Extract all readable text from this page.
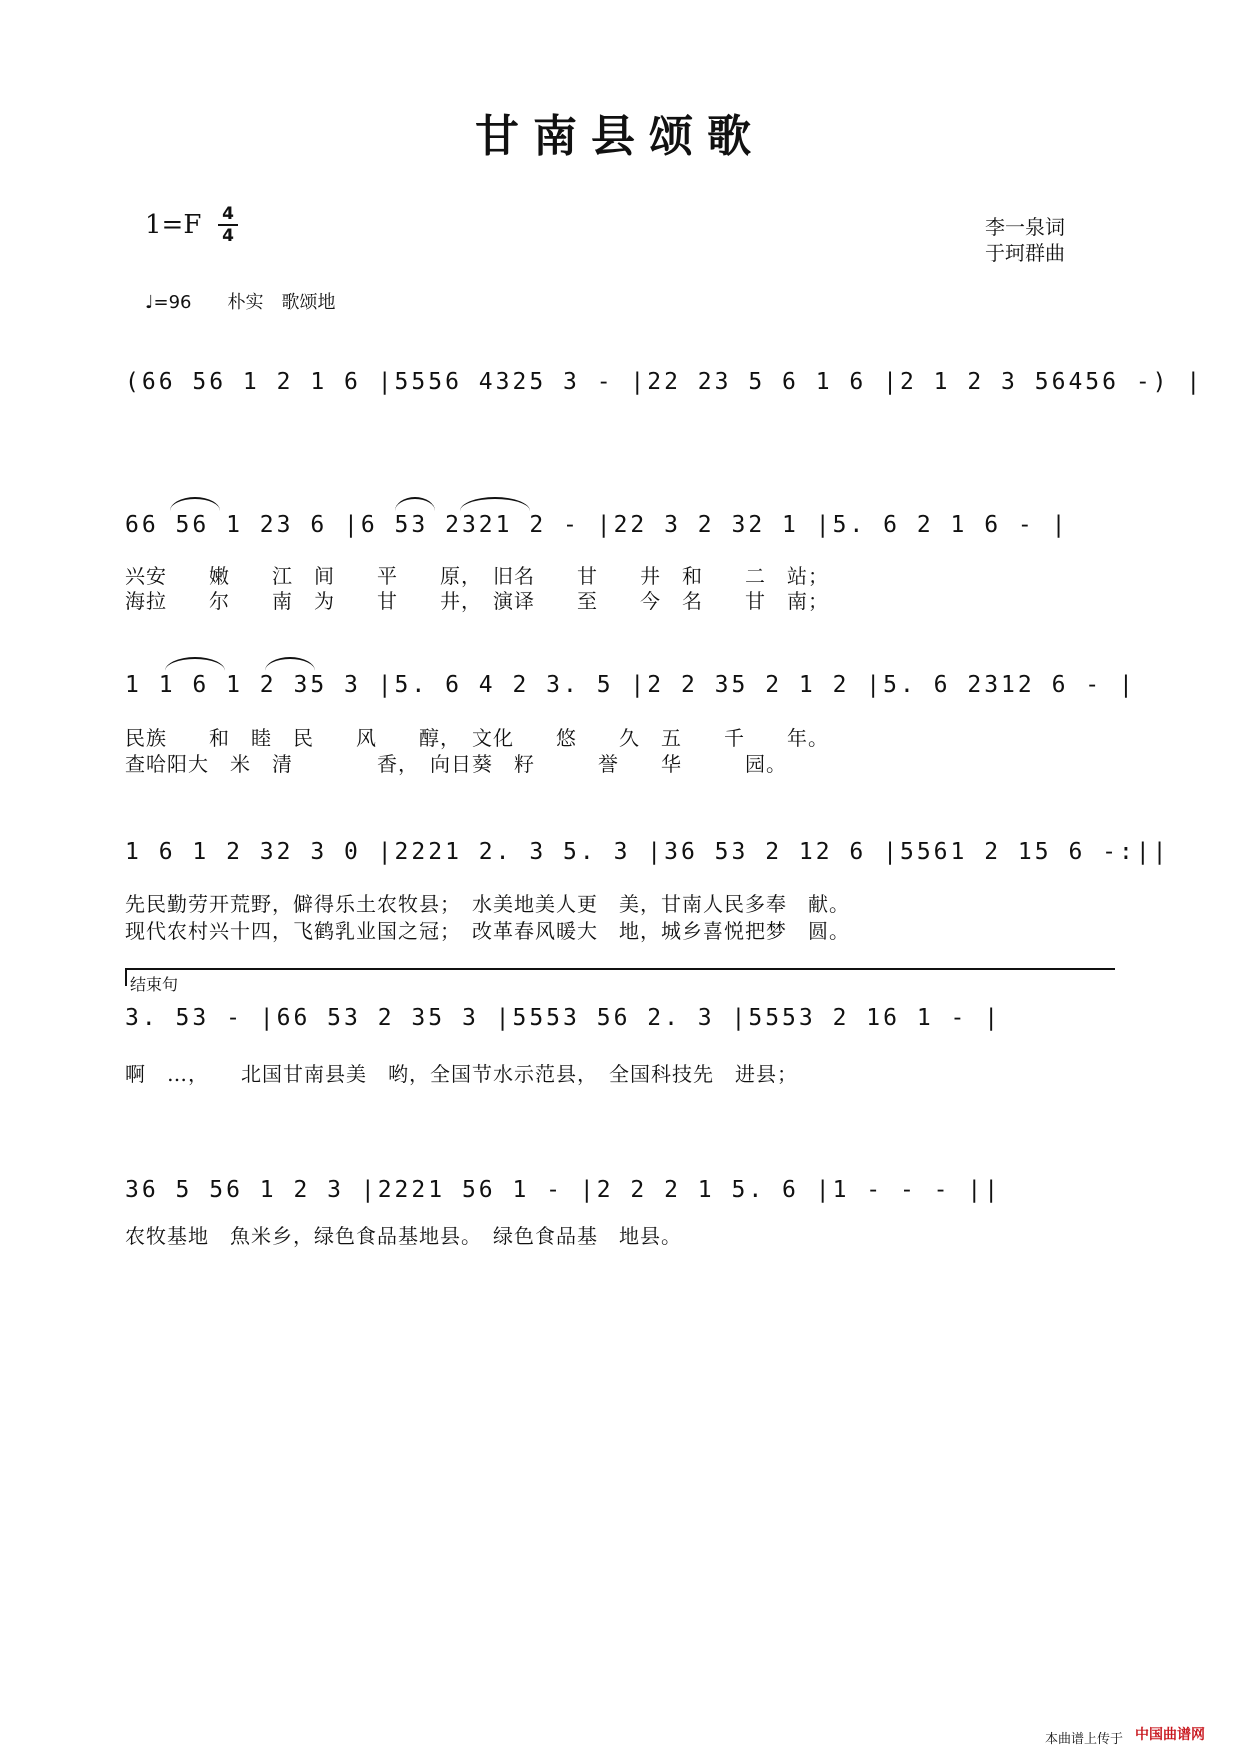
甘南县颂歌
1=F 4
4	李一泉词
于珂群曲
♩=96　　朴实　歌颂地
(66 56 1 2 1 6 |5556 4325 3 - |22 23 5 6 1 6 |2 1 2 3 56456 -) |
66 56 1 23 6 |6 53 2321 2 - |22 3 2 32 1 |5. 6 2 1 6 - |
兴安　　嫩　　江　间　　平　　原，　旧名　　甘　　井　和　　二　站；
海拉　　尔　　南　为　　甘　　井，　演译　　至　　今　名　　甘　南；
1 1 6 1 2 35 3 |5. 6 4 2 3. 5 |2 2 35 2 1 2 |5. 6 2312 6 - |
民族　　和　睦　民　　风　　醇，　文化　　悠　　久　五　　千　　年。
查哈阳大　米　清　　　　香，　向日葵　籽　　　誉　　华　　　园。
1 6 1 2 32 3 0 |2221 2. 3 5. 3 |36 53 2 12 6 |5561 2 15 6 -:||
先民勤劳开荒野，僻得乐土农牧县；　水美地美人更　美，甘南人民多奉　献。
现代农村兴十四，飞鹤乳业国之冠；　改革春风暖大　地，城乡喜悦把梦　圆。
结束句
3. 53 - |66 53 2 35 3 |5553 56 2. 3 |5553 2 16 1 - |
啊　…，　　北国甘南县美　哟，全国节水示范县，　全国科技先　进县；
36 5 56 1 2 3 |2221 56 1 - |2 2 2 1 5. 6 |1 - - - ||
农牧基地　魚米乡，绿色食品基地县。　绿色食品基　地县。
本曲谱上传于 中国曲谱网
